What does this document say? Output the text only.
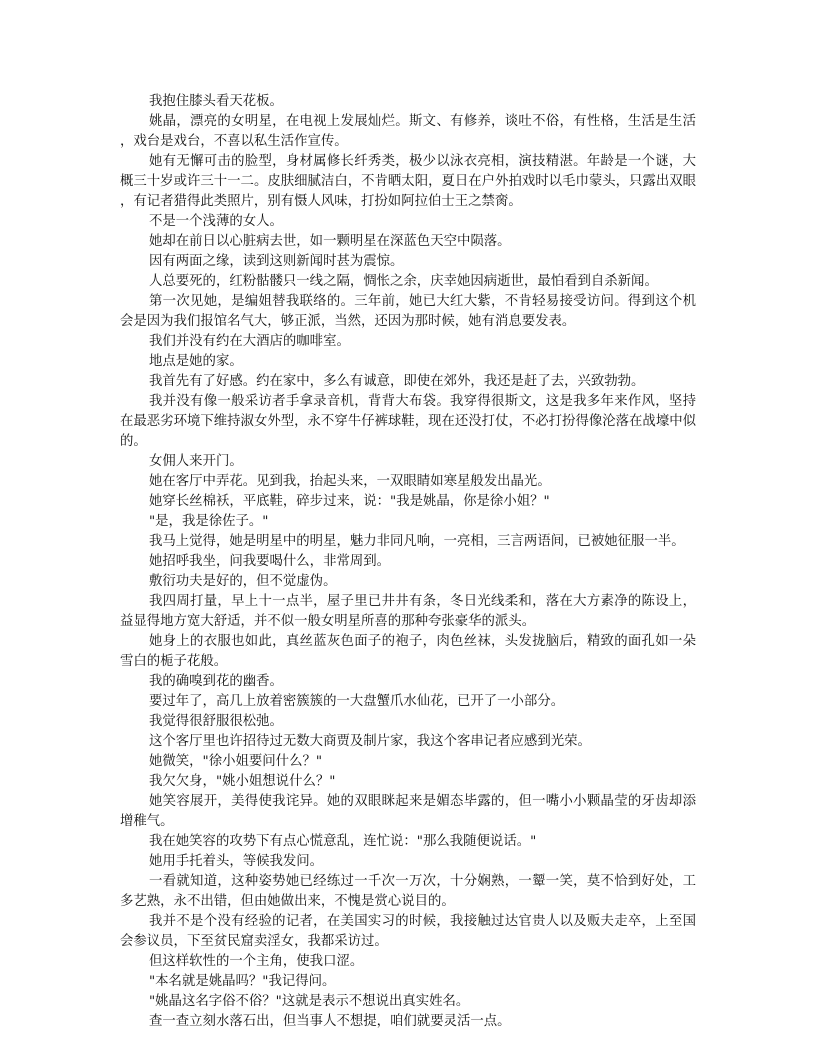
我抱住膝头看天花板。

姚晶，漂亮的女明星，在电视上发展灿烂。斯文、有修养，谈吐不俗，有性格，生活是生活，戏台是戏台，不喜以私生活作宣传。

她有无懈可击的脸型，身材属修长纤秀类，极少以泳衣亮相，演技精湛。年龄是一个谜，大概三十岁或许三十一二。皮肤细腻洁白，不肯晒太阳，夏日在户外拍戏时以毛巾蒙头，只露出双眼，有记者猎得此类照片，别有慑人风味，打扮如阿拉伯士王之禁脔。

不是一个浅薄的女人。

她却在前日以心脏病去世，如一颗明星在深蓝色天空中陨落。

因有两面之缘，读到这则新闻时甚为震惊。

人总要死的，红粉骷髅只一线之隔，惆怅之余，庆幸她因病逝世，最怕看到自杀新闻。

第一次见她，是编姐替我联络的。三年前，她已大红大紫，不肯轻易接受访问。得到这个机会是因为我们报馆名气大，够正派，当然，还因为那时候，她有消息要发表。

我们并没有约在大酒店的咖啡室。

地点是她的家。

我首先有了好感。约在家中，多么有诚意，即使在郊外，我还是赶了去，兴致勃勃。

我并没有像一般采访者手拿录音机，背背大布袋。我穿得很斯文，这是我多年来作风，坚持在最恶劣环境下维持淑女外型，永不穿牛仔裤球鞋，现在还没打仗，不必打扮得像沦落在战壕中似的。

女佣人来开门。

她在客厅中弄花。见到我，抬起头来，一双眼睛如寒星般发出晶光。

她穿长丝棉袄，平底鞋，碎步过来，说："我是姚晶，你是徐小姐？"

"是，我是徐佐子。"

我马上觉得，她是明星中的明星，魅力非同凡响，一亮相，三言两语间，已被她征服一半。

她招呼我坐，问我要喝什么，非常周到。

敷衍功夫是好的，但不觉虚伪。

我四周打量，早上十一点半，屋子里已井井有条，冬日光线柔和，落在大方素净的陈设上，益显得地方宽大舒适，并不似一般女明星所喜的那种夸张豪华的派头。

她身上的衣服也如此，真丝蓝灰色面子的袍子，肉色丝袜，头发拢脑后，精致的面孔如一朵雪白的栀子花般。

我的确嗅到花的幽香。

要过年了，高几上放着密簇簇的一大盘蟹爪水仙花，已开了一小部分。

我觉得很舒服很松弛。

这个客厅里也许招待过无数大商贾及制片家，我这个客串记者应感到光荣。

她微笑，"徐小姐要问什么？"

我欠欠身，"姚小姐想说什么？"

她笑容展开，美得使我诧异。她的双眼眯起来是媚态毕露的，但一嘴小小颗晶莹的牙齿却添增稚气。

我在她笑容的攻势下有点心慌意乱，连忙说："那么我随便说话。"

她用手托着头，等候我发问。

一看就知道，这种姿势她已经练过一千次一万次，十分娴熟，一颦一笑，莫不恰到好处，工多艺熟，永不出错，但由她做出来，不愧是赏心说目的。

我并不是个没有经验的记者，在美国实习的时候，我接触过达官贵人以及贩夫走卒，上至国会参议员，下至贫民窟卖淫女，我都采访过。

但这样软性的一个主角，使我口涩。

"本名就是姚晶吗？"我记得问。

"姚晶这名字俗不俗？"这就是表示不想说出真实姓名。

查一查立刻水落石出，但当事人不想提，咱们就要灵活一点。
